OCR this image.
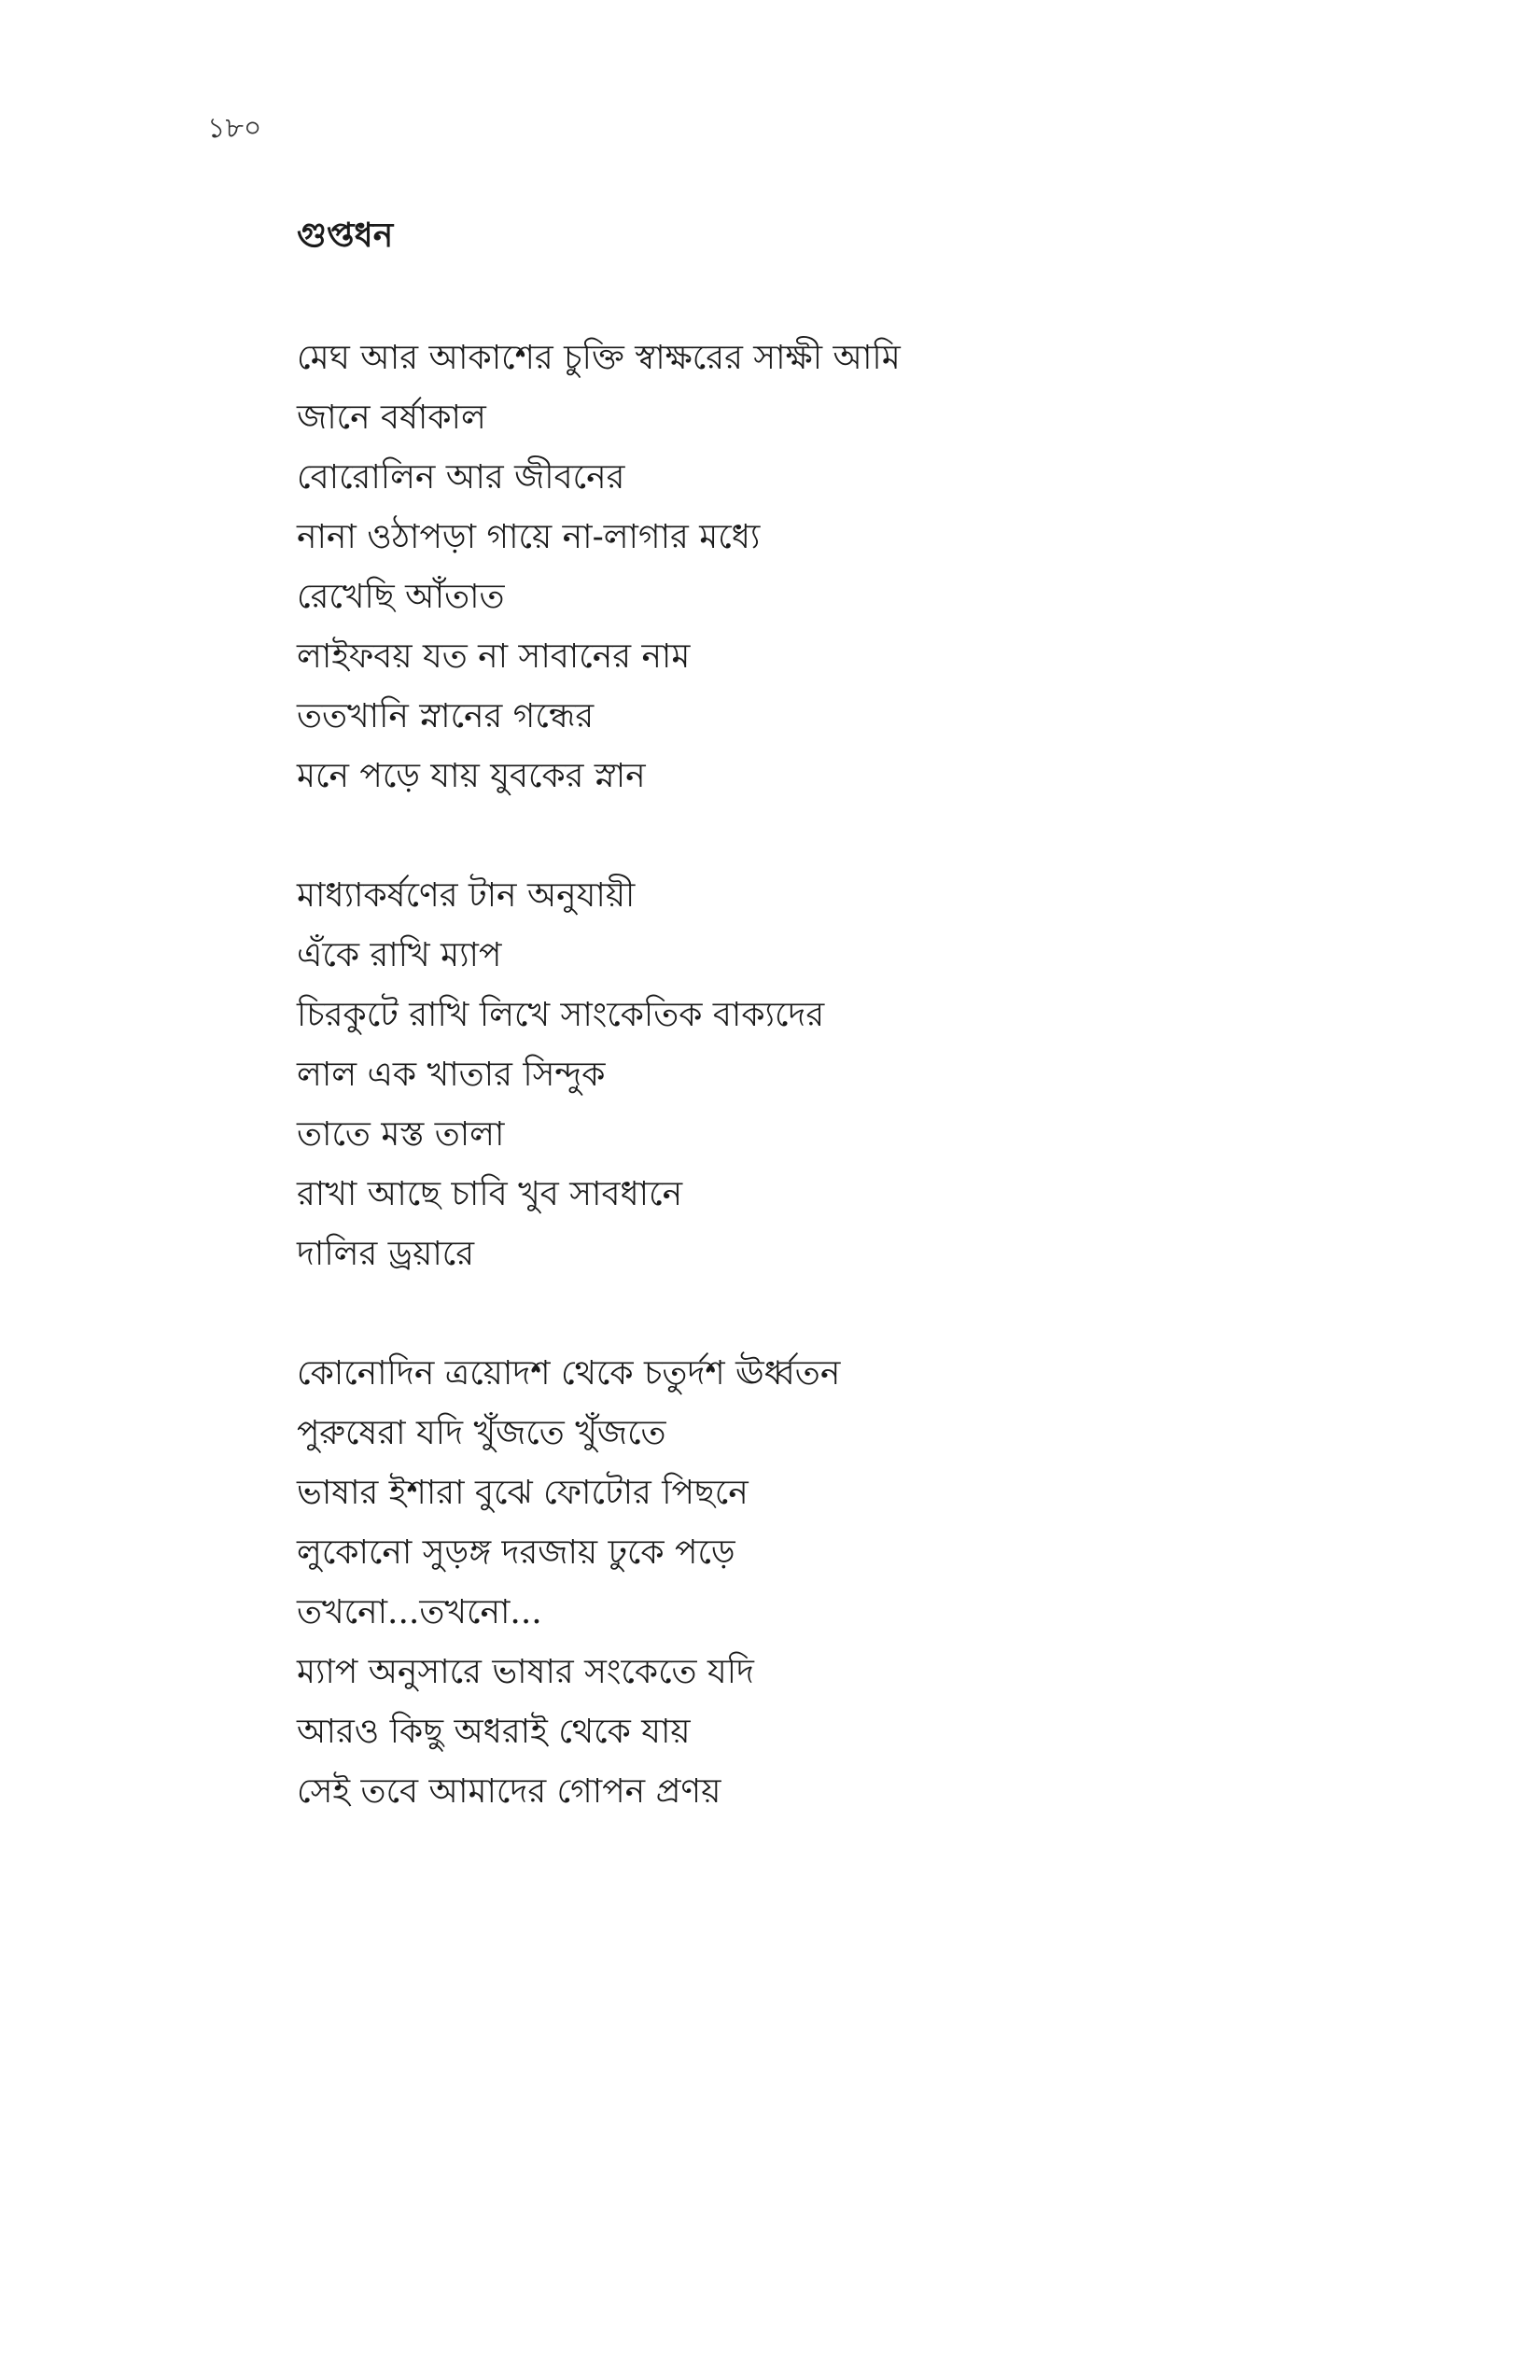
১৮০
গুপ্তধন
মেঘ আর আকাশের চুক্তি স্বাক্ষরের সাক্ষী আমি
জানে বর্ষাকাল
বোরোলিন আর জীবনের
নানা ওঠাপড়া গায়ে না-লাগার মধ্যে
রেখেছি আঁতাত
লাইফবয় যত না সাবানের নাম
ততখানি স্নানের গন্ধের
মনে পড়ে যায় যুবকের স্নান
মাধ্যাকর্ষণের টান অনুযায়ী
এঁকে রাখি ম্যাপ
চিরকুটে রাখি লিখে সাংকেতিক বাক্যদের
লাল এক খাতার সিন্দুক
তাতে মস্ত তালা
রাখা আছে চাবি খুব সাবধানে
দালির ড্রয়ারে
কোনোদিন ত্রয়োদশ থেকে চতুর্দশ ঊর্ধ্বতন
পুরুষেরা যদি খুঁজতে খুঁজতে
ভাষার ইশারা বুঝে ফোটোর পিছনে
লুকোনো সুড়ঙ্গ দরজায় ঢুকে পড়ে
তখনো...তখনো...
ম্যাপ অনুসারে ভাষার সংকেতে যদি
আরও কিছু অধরাই থেকে যায়
সেই তবে আমাদের গোপন প্রণয়
